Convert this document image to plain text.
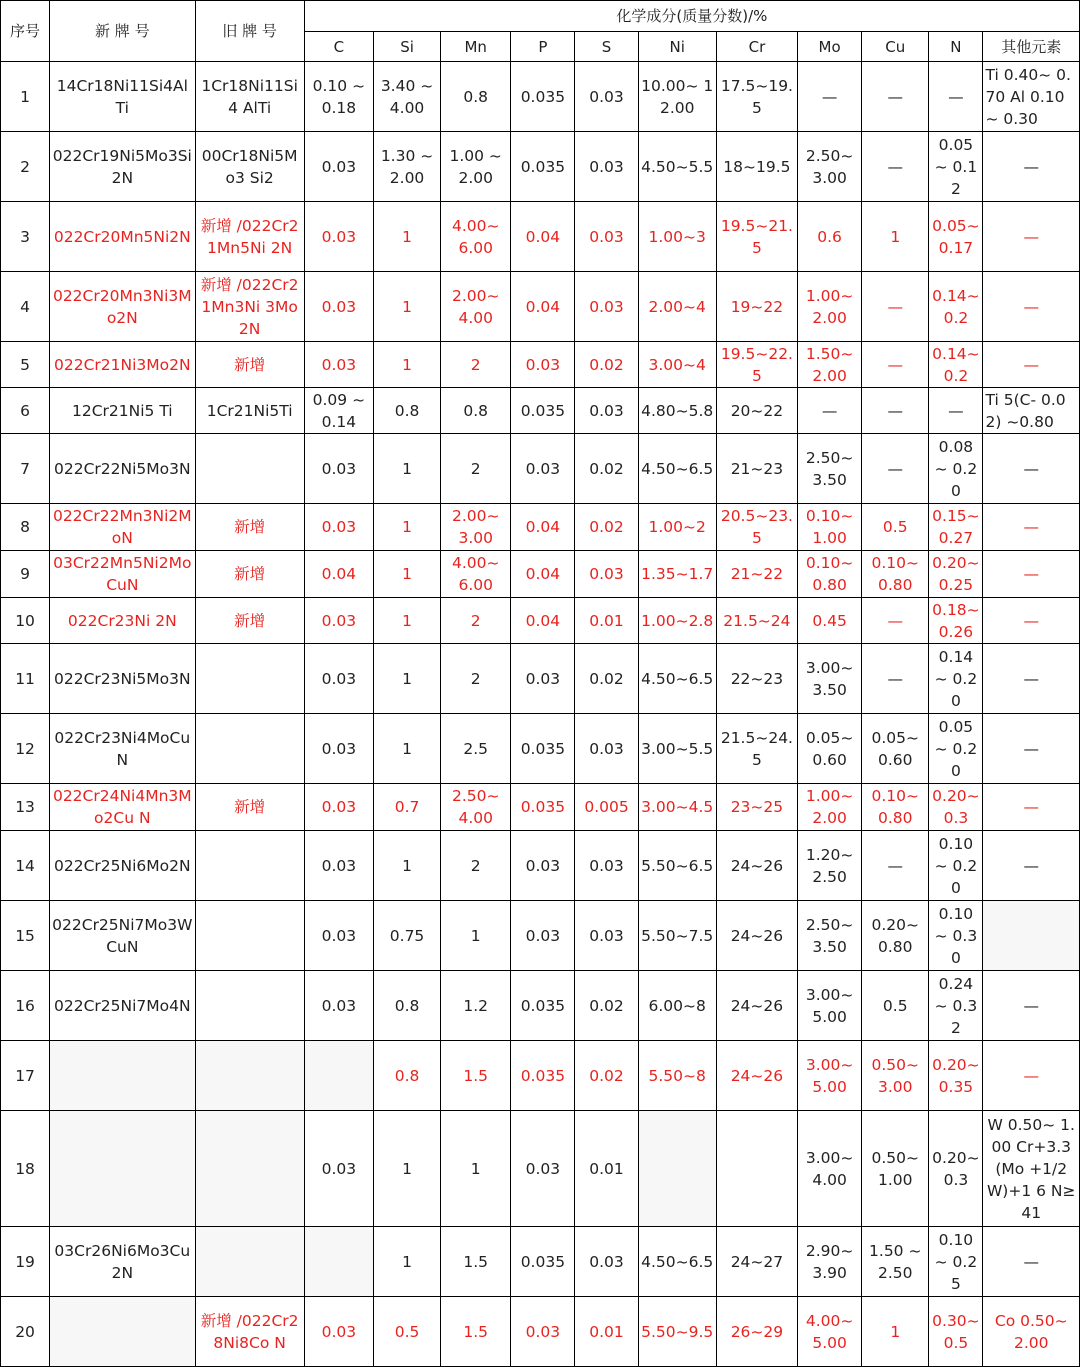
序号	新 牌 号	旧 牌 号	化学成分(质量分数)/%										
			C	Si	Mn	P	S	Ni	Cr	Mo	Cu	N	其他元素
1	14Cr18Ni11Si4AlTi	1Cr18Ni11Si4 AlTi	0.10 ~0.18	3.40 ~ 4.00	0.8	0.035	0.03	10.00~ 12.00	17.5~19.5	—	—	—	Ti 0.40~ 0.70 Al 0.10~ 0.30
2	022Cr19Ni5Mo3Si2N	00Cr18Ni5Mo3 Si2	0.03	1.30 ~ 2.00	1.00 ~2.00	0.035	0.03	4.50~5.5	18~19.5	2.50~ 3.00	—	0.05 ~ 0.12	—
3	022Cr20Mn5Ni2N	新增 /022Cr21Mn5Ni 2N	0.03	1	4.00~ 6.00	0.04	0.03	1.00~3	19.5~21.5	0.6	1	0.05~ 0.17	—
4	022Cr20Mn3Ni3Mo2N	新增 /022Cr21Mn3Ni 3Mo2N	0.03	1	2.00~ 4.00	0.04	0.03	2.00~4	19~22	1.00~ 2.00	—	0.14~ 0.2	—
5	022Cr21Ni3Mo2N	新增	0.03	1	2	0.03	0.02	3.00~4	19.5~22.5	1.50~ 2.00	—	0.14~ 0.2	—
6	12Cr21Ni5 Ti	1Cr21Ni5Ti	0.09 ~0.14	0.8	0.8	0.035	0.03	4.80~5.8	20~22	—	—	—	Ti 5(C- 0.02) ~0.80
7	022Cr22Ni5Mo3N		0.03	1	2	0.03	0.02	4.50~6.5	21~23	2.50~ 3.50	—	0.08 ~ 0.20	—
8	022Cr22Mn3Ni2MoN	新增	0.03	1	2.00~ 3.00	0.04	0.02	1.00~2	20.5~23.5	0.10~ 1.00	0.5	0.15~ 0.27	—
9	03Cr22Mn5Ni2MoCuN	新增	0.04	1	4.00~ 6.00	0.04	0.03	1.35~1.7	21~22	0.10~ 0.80	0.10~ 0.80	0.20~ 0.25	—
10	022Cr23Ni 2N	新增	0.03	1	2	0.04	0.01	1.00~2.8	21.5~24	0.45	—	0.18~ 0.26	—
11	022Cr23Ni5Mo3N		0.03	1	2	0.03	0.02	4.50~6.5	22~23	3.00~ 3.50	—	0.14 ~ 0.20	—
12	022Cr23Ni4MoCuN		0.03	1	2.5	0.035	0.03	3.00~5.5	21.5~24.5	0.05~ 0.60	0.05~ 0.60	0.05 ~ 0.20	—
13	022Cr24Ni4Mn3Mo2Cu N	新增	0.03	0.7	2.50~ 4.00	0.035	0.005	3.00~4.5	23~25	1.00~ 2.00	0.10~ 0.80	0.20~ 0.3	—
14	022Cr25Ni6Mo2N		0.03	1	2	0.03	0.03	5.50~6.5	24~26	1.20~ 2.50	—	0.10 ~ 0.20	—
15	022Cr25Ni7Mo3WCuN		0.03	0.75	1	0.03	0.03	5.50~7.5	24~26	2.50~ 3.50	0.20~ 0.80	0.10 ~ 0.30	
16	022Cr25Ni7Mo4N		0.03	0.8	1.2	0.035	0.02	6.00~8	24~26	3.00~ 5.00	0.5	0.24 ~ 0.32	—
17				0.8	1.5	0.035	0.02	5.50~8	24~26	3.00~ 5.00	0.50~ 3.00	0.20~ 0.35	—
18			0.03	1	1	0.03	0.01			3.00~ 4.00	0.50~ 1.00	0.20~ 0.3	W 0.50~ 1.00 Cr+3.3(Mo +1/2W)+1 6 N≥41
19	03Cr26Ni6Mo3Cu2N			1	1.5	0.035	0.03	4.50~6.5	24~27	2.90~ 3.90	1.50 ~2.50	0.10 ~ 0.25	—
20		新增 /022Cr28Ni8Co N	0.03	0.5	1.5	0.03	0.01	5.50~9.5	26~29	4.00~ 5.00	1	0.30~ 0.5	Co 0.50~ 2.00
